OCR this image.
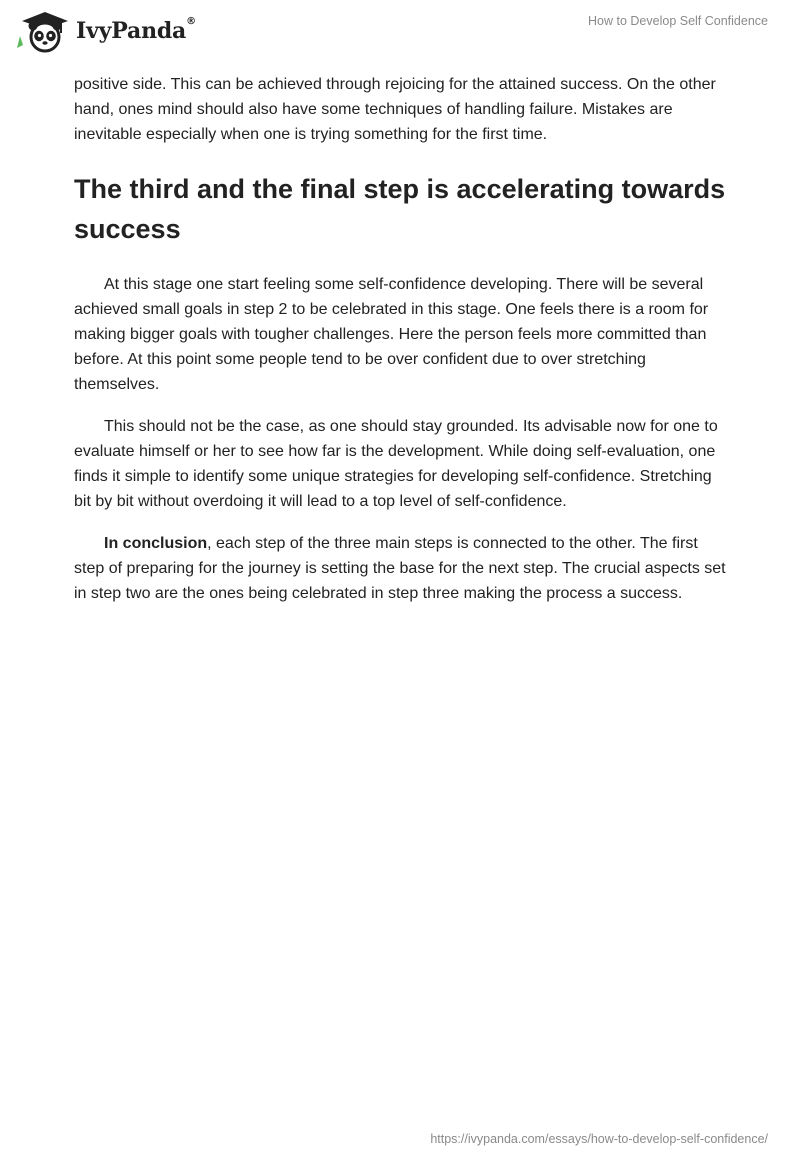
IvyPanda®	How to Develop Self Confidence

positive side. This can be achieved through rejoicing for the attained success. On the other hand, ones mind should also have some techniques of handling failure. Mistakes are inevitable especially when one is trying something for the first time.

The third and the final step is accelerating towards success

At this stage one start feeling some self-confidence developing. There will be several achieved small goals in step 2 to be celebrated in this stage. One feels there is a room for making bigger goals with tougher challenges. Here the person feels more committed than before. At this point some people tend to be over confident due to over stretching themselves.

This should not be the case, as one should stay grounded. Its advisable now for one to evaluate himself or her to see how far is the development. While doing self-evaluation, one finds it simple to identify some unique strategies for developing self-confidence. Stretching bit by bit without overdoing it will lead to a top level of self-confidence.

In conclusion, each step of the three main steps is connected to the other. The first step of preparing for the journey is setting the base for the next step. The crucial aspects set in step two are the ones being celebrated in step three making the process a success.

https://ivypanda.com/essays/how-to-develop-self-confidence/
